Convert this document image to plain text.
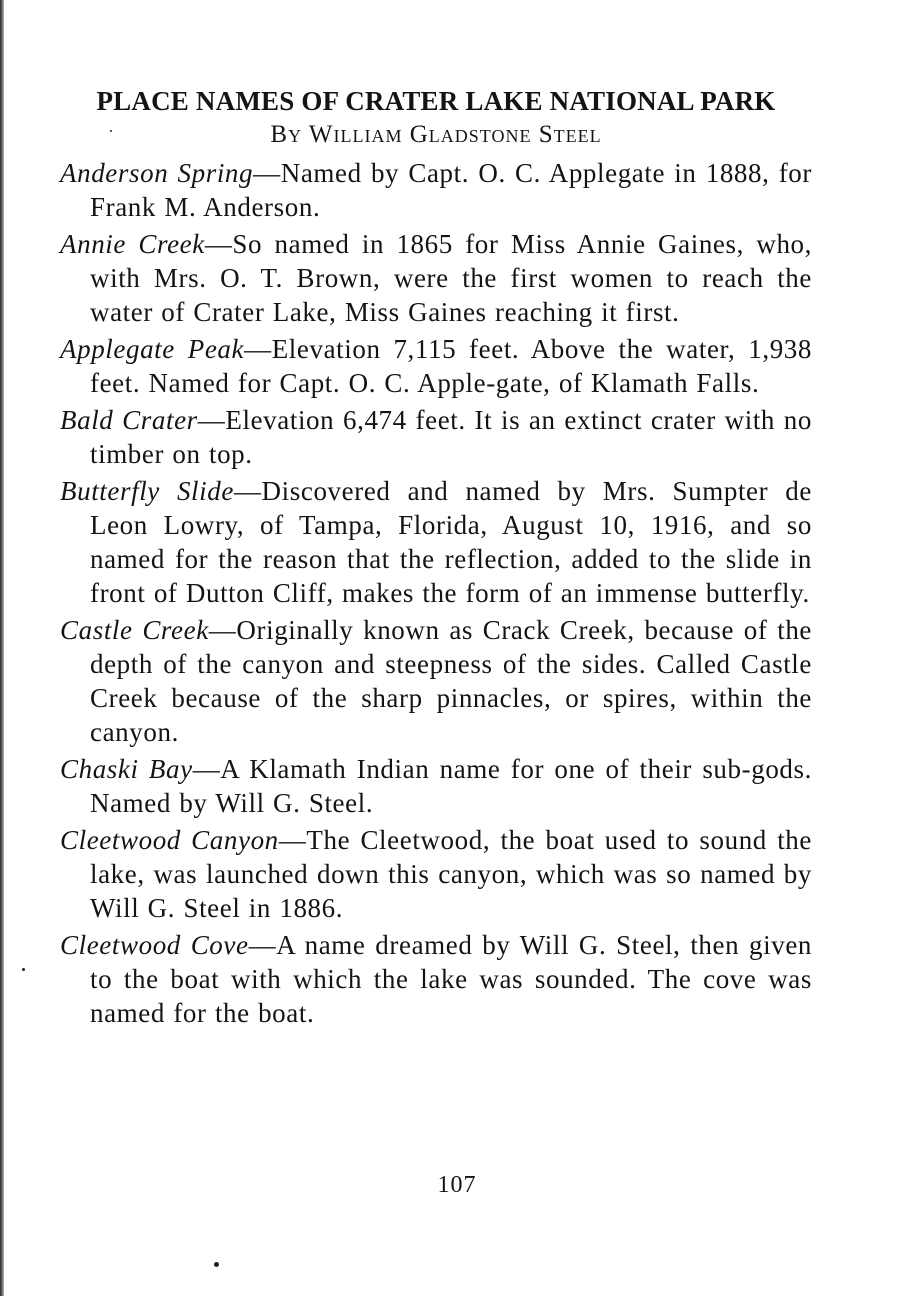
PLACE NAMES OF CRATER LAKE NATIONAL PARK
By William Gladstone Steel

Anderson Spring—Named by Capt. O. C. Applegate in 1888, for Frank M. Anderson.

Annie Creek—So named in 1865 for Miss Annie Gaines, who, with Mrs. O. T. Brown, were the first women to reach the water of Crater Lake, Miss Gaines reaching it first.

Applegate Peak—Elevation 7,115 feet. Above the water, 1,938 feet. Named for Capt. O. C. Apple-gate, of Klamath Falls.

Bald Crater—Elevation 6,474 feet. It is an extinct crater with no timber on top.

Butterfly Slide—Discovered and named by Mrs. Sumpter de Leon Lowry, of Tampa, Florida, August 10, 1916, and so named for the reason that the reflection, added to the slide in front of Dutton Cliff, makes the form of an immense butterfly.

Castle Creek—Originally known as Crack Creek, because of the depth of the canyon and steepness of the sides. Called Castle Creek because of the sharp pinnacles, or spires, within the canyon.

Chaski Bay—A Klamath Indian name for one of their sub-gods. Named by Will G. Steel.

Cleetwood Canyon—The Cleetwood, the boat used to sound the lake, was launched down this canyon, which was so named by Will G. Steel in 1886.

Cleetwood Cove—A name dreamed by Will G. Steel, then given to the boat with which the lake was sounded. The cove was named for the boat.

107
